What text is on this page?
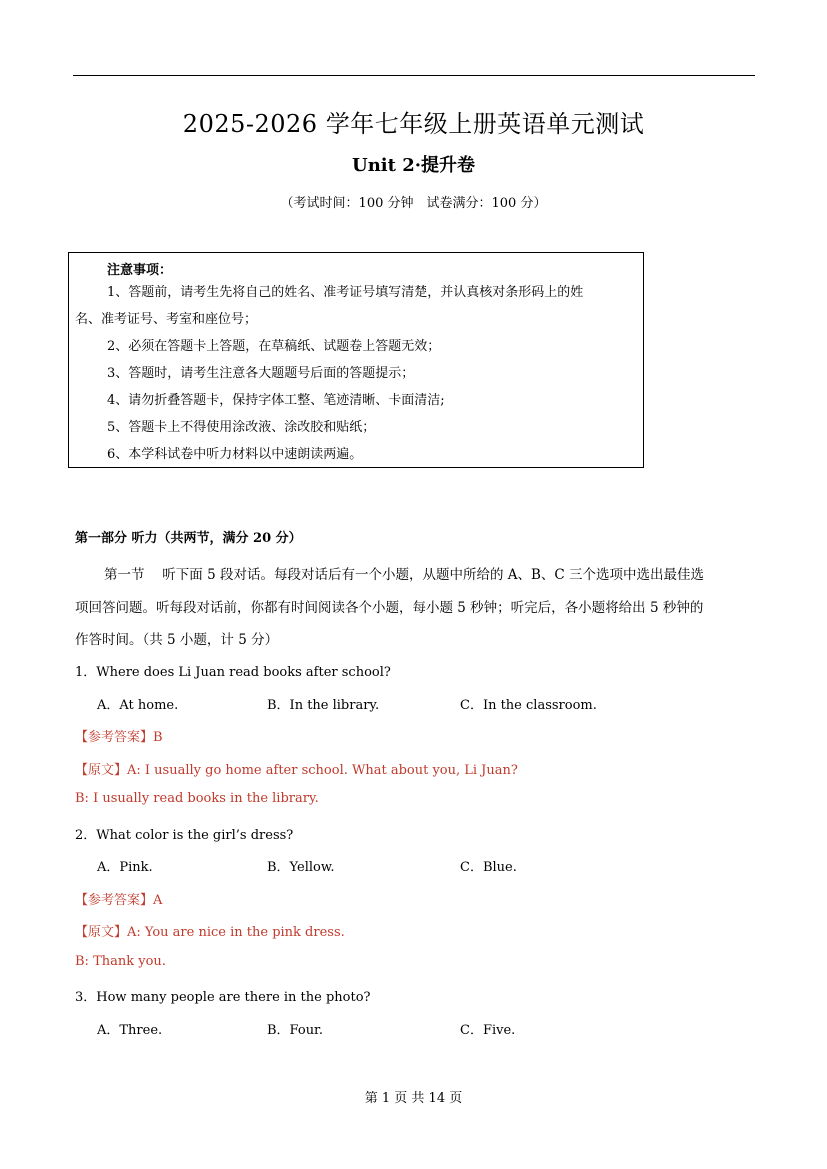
2025-2026 学年七年级上册英语单元测试
Unit 2·提升卷
（考试时间：100 分钟　试卷满分：100 分）
注意事项：
1、答题前，请考生先将自己的姓名、准考证号填写清楚，并认真核对条形码上的姓
名、准考证号、考室和座位号；
2、必须在答题卡上答题，在草稿纸、试题卷上答题无效；
3、答题时，请考生注意各大题题号后面的答题提示；
4、请勿折叠答题卡，保持字体工整、笔迹清晰、卡面清洁;
5、答题卡上不得使用涂改液、涂改胶和贴纸；
6、本学科试卷中听力材料以中速朗读两遍。
第一部分 听力（共两节，满分 20 分）
第一节　 听下面 5 段对话。每段对话后有一个小题，从题中所给的 A、B、C 三个选项中选出最佳选
项回答问题。听每段对话前，你都有时间阅读各个小题，每小题 5 秒钟；听完后，各小题将给出 5 秒钟的
作答时间。（共 5 小题，计 5 分）
1．Where does Li Juan read books after school?
A．At home.	B．In the library.	C．In the classroom.
【参考答案】B
【原文】A: I usually go home after school. What about you, Li Juan?
B: I usually read books in the library.
2．What color is the girl’s dress?
A．Pink.	B．Yellow.	C．Blue.
【参考答案】A
【原文】A: You are nice in the pink dress.
B: Thank you.
3．How many people are there in the photo?
A．Three.	B．Four.	C．Five.
第 1 页 共 14 页
